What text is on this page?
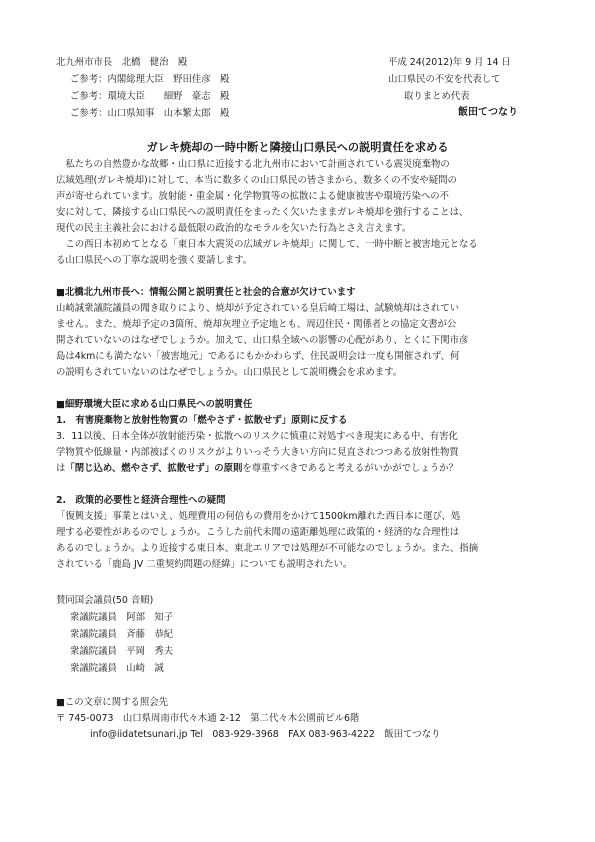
北九州市市長　北橋　健治　殿
ご参考：内閣総理大臣　野田佳彦　殿
ご参考：環境大臣　　細野　豪志　殿
ご参考：山口県知事　山本繁太郎　殿
平成 24(2012)年 9 月 14 日
山口県民の不安を代表して
取りまとめ代表
飯田てつなり
ガレキ焼却の一時中断と隣接山口県民への説明責任を求める
　私たちの自然豊かな故郷・山口県に近接する北九州市において計画されている震災廃棄物の
広域処理(ガレキ焼却)に対して、本当に数多くの山口県民の皆さまから、数多くの不安や疑問の
声が寄せられています。放射能・重金属・化学物質等の拡散による健康被害や環境汚染への不
安に対して、隣接する山口県民への説明責任をまったく欠いたままガレキ焼却を強行することは、
現代の民主主義社会における最低限の政治的なモラルを欠いた行為とさえ言えます。
　この西日本初めてとなる「東日本大震災の広域ガレキ焼却」に関して、一時中断と被害地元となる
る山口県民への丁寧な説明を強く要請します。
■北橋北九州市長へ：情報公開と説明責任と社会的合意が欠けています
山崎誠衆議院議員の聞き取りにより、焼却が予定されている皇后崎工場は、試験焼却はされてい
ません。また、焼却予定の3箇所、焼却灰埋立予定地とも、周辺住民・関係者との協定文書が公
開されていないのはなぜでしょうか。加えて、山口県全域への影響の心配があり、とくに下関市彦
島は4kmにも満たない「被害地元」であるにもかかわらず、住民説明会は一度も開催されず、何
の説明もされていないのはなぜでしょうか。山口県民として説明機会を求めます。
■細野環境大臣に求める山口県民への説明責任
1.　有害廃棄物と放射性物質の「燃やさず・拡散せず」原則に反する
3．11以後、日本全体が放射能汚染・拡散へのリスクに慎重に対処すべき現実にある中、有害化
学物質や低線量・内部被ばくのリスクがよりいっそう大きい方向に見直されつつある放射性物質
は「閉じ込め、燃やさず、拡散せず」の原則を尊重すべきであると考えるがいかがでしょうか？
2.　政策的必要性と経済合理性への疑問
「復興支援」事業とはいえ、処理費用の何倍もの費用をかけて1500km離れた西日本に運び、処
理する必要性があるのでしょうか。こうした前代未聞の遠距離処理に政策的・経済的な合理性は
あるのでしょうか。より近接する東日本、東北エリアでは処理が不可能なのでしょうか。また、指摘
されている「鹿島 JV 二重契約問題の経緯」についても説明されたい。
賛同国会議員(50 音順)
衆議院議員　阿部　知子
衆議院議員　斉藤　恭紀
衆議院議員　平岡　秀夫
衆議院議員　山崎　誠
■この文章に関する照会先
〒 745-0073　山口県周南市代々木通 2-12　第二代々木公園前ビル6階
info@iidatetsunari.jp Tel　083-929-3968　FAX 083-963-4222　飯田てつなり
